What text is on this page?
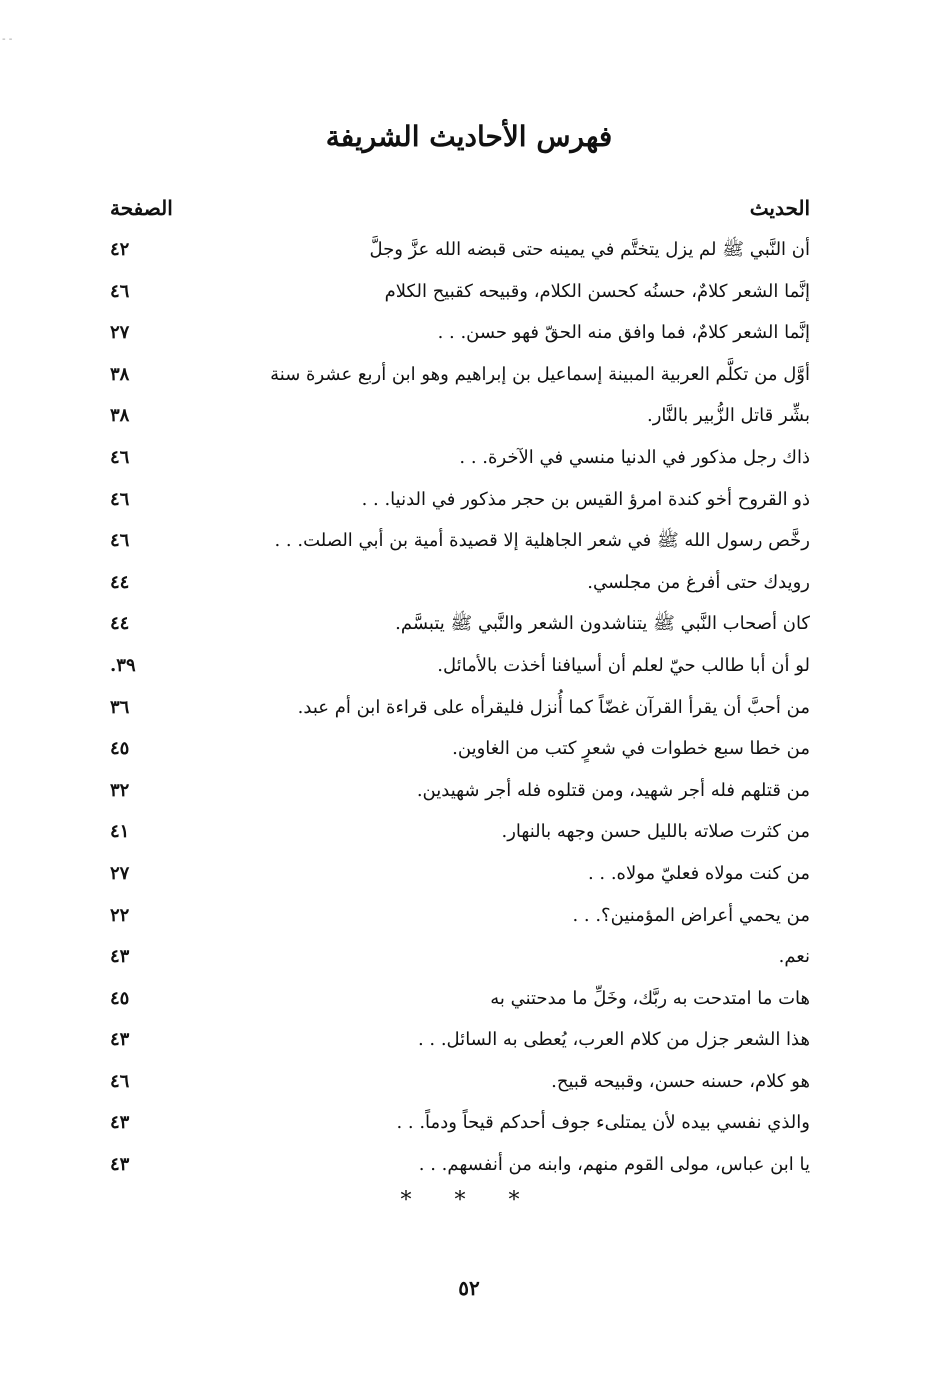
- -
فهرس الأحاديث الشريفة
الحديث
الصفحة
أن النَّبي ﷺ لم يزل يتختَّم في يمينه حتى قبضه الله عزَّ وجلَّ
٤٢
إنَّما الشعر كلامٌ، حسنُه كحسن الكلام، وقبيحه كقبيح الكلام
٤٦
إنَّما الشعر كلامٌ، فما وافق منه الحقّ فهو حسن. . .
٢٧
أوَّل من تكلَّم العربية المبينة إسماعيل بن إبراهيم وهو ابن أربع عشرة سنة
٣٨
بشِّر قاتل الزُّبير بالنَّار.
٣٨
ذاك رجل مذكور في الدنيا منسي في الآخرة. . .
٤٦
ذو القروح أخو كندة امرؤ القيس بن حجر مذكور في الدنيا. . .
٤٦
رخَّص رسول الله ﷺ في شعر الجاهلية إلا قصيدة أمية بن أبي الصلت. . .
٤٦
رويدك حتى أفرغ من مجلسي.
٤٤
كان أصحاب النَّبي ﷺ يتناشدون الشعر والنَّبي ﷺ يتبسَّم.
٤٤
لو أن أبا طالب حيّ لعلم أن أسيافنا أخذت بالأمائل.
٣٩.
من أحبَّ أن يقرأ القرآن غضّاً كما أُنزل فليقرأه على قراءة ابن أم عبد.
٣٦
من خطا سبع خطوات في شعرٍ كتب من الغاوين.
٤٥
من قتلهم فله أجر شهيد، ومن قتلوه فله أجر شهيدين.
٣٢
من كثرت صلاته بالليل حسن وجهه بالنهار.
٤١
من كنت مولاه فعليّ مولاه. . .
٢٧
من يحمي أعراض المؤمنين؟. . .
٢٢
نعم.
٤٣
هات ما امتدحت به ربَّك، وخَلِّ ما مدحتني به
٤٥
هذا الشعر جزل من كلام العرب، يُعطى به السائل. . .
٤٣
هو كلام، حسنه حسن، وقبيحه قبيح.
٤٦
والذي نفسي بيده لأن يمتلىء جوف أحدكم قيحاً ودماً. . .
٤٣
يا ابن عباس، مولى القوم منهم، وابنه من أنفسهم. . .
٤٣
* * *
٥٢
